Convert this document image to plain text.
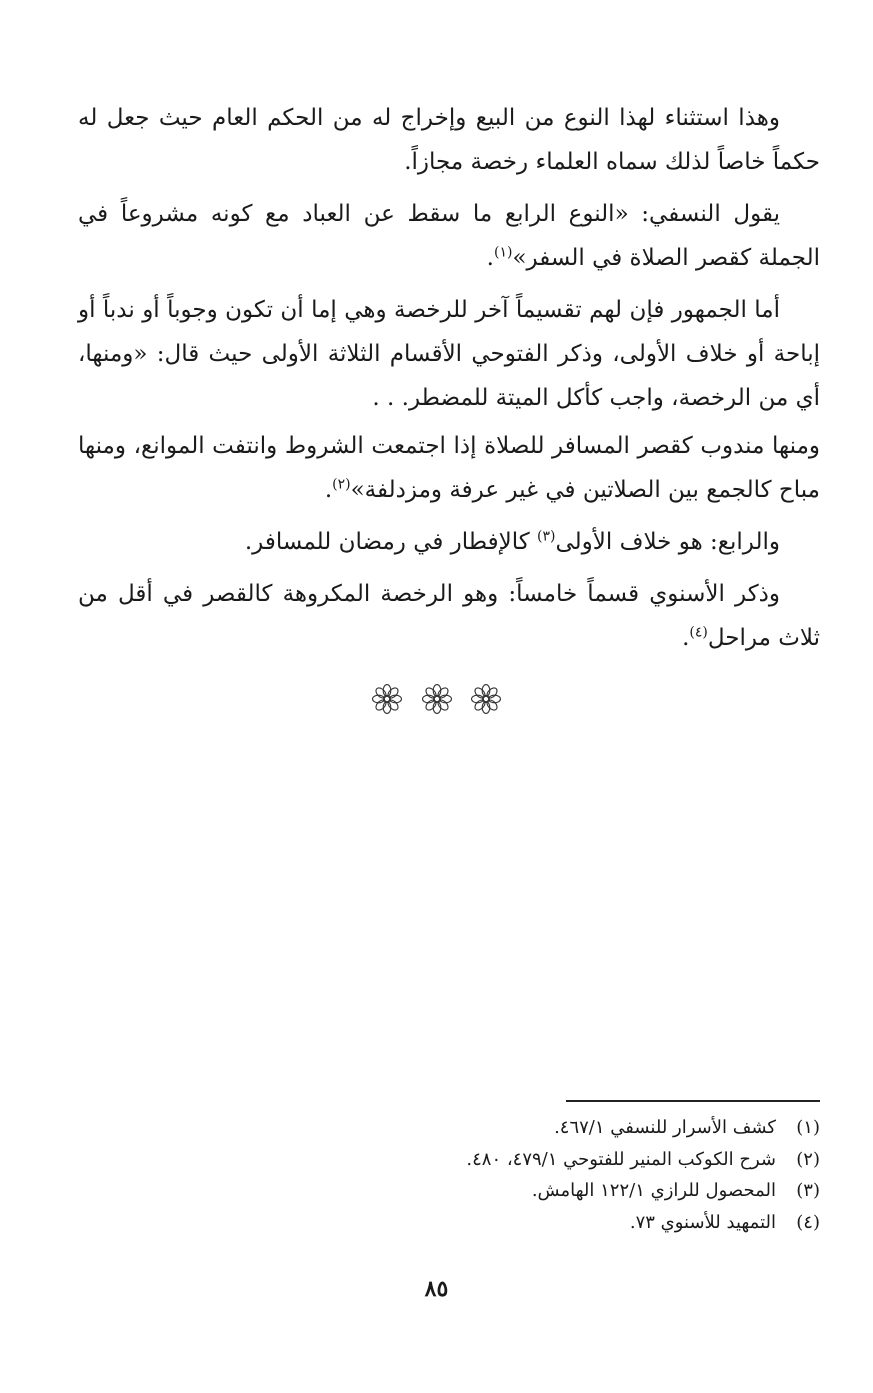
وهذا استثناء لهذا النوع من البيع وإخراج له من الحكم العام حيث جعل له حكماً خاصاً لذلك سماه العلماء رخصة مجازاً.

يقول النسفي: «النوع الرابع ما سقط عن العباد مع كونه مشروعاً في الجملة كقصر الصلاة في السفر»$^{(١)}$.

أما الجمهور فإن لهم تقسيماً آخر للرخصة وهي إما أن تكون وجوباً أو ندباً أو إباحة أو خلاف الأولى، وذكر الفتوحي الأقسام الثلاثة الأولى حيث قال: «ومنها، أي من الرخصة، واجب كأكل الميتة للمضطر. . .

ومنها مندوب كقصر المسافر للصلاة إذا اجتمعت الشروط وانتفت الموانع، ومنها مباح كالجمع بين الصلاتين في غير عرفة ومزدلفة»$^{(٢)}$.

والرابع: هو خلاف الأولى$^{(٣)}$ كالإفطار في رمضان للمسافر.

وذكر الأسنوي قسماً خامساً: وهو الرخصة المكروهة كالقصر في أقل من ثلاث مراحل$^{(٤)}$.

(١)
كشف الأسرار للنسفي ٤٦٧/١.
(٢)
شرح الكوكب المنير للفتوحي ٤٧٩/١، ٤٨٠.
(٣)
المحصول للرازي ١٢٢/١ الهامش.
(٤)
التمهيد للأسنوي ٧٣.
٨٥
